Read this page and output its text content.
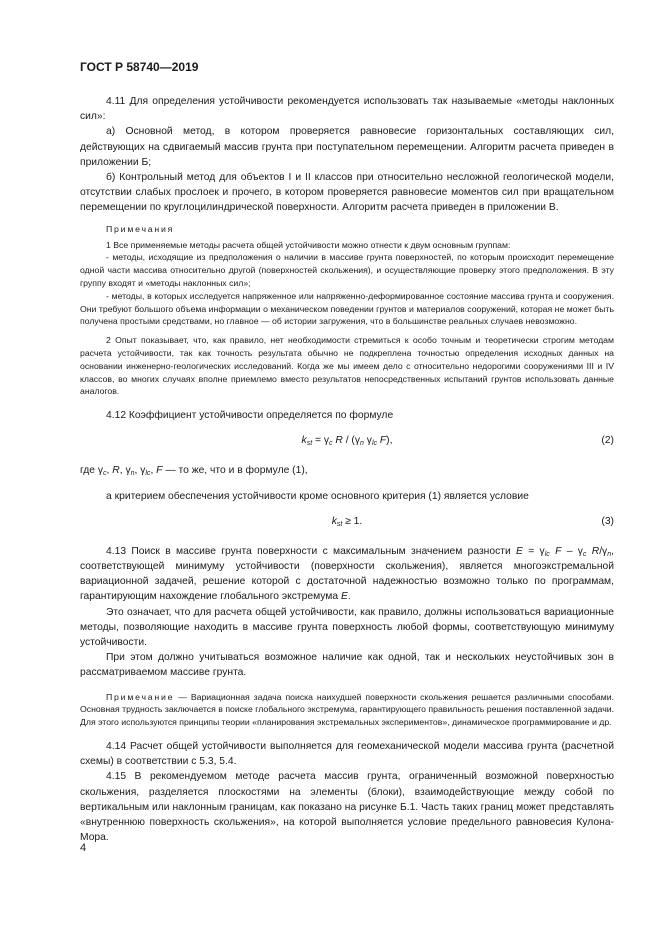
ГОСТ Р 58740—2019

4.11 Для определения устойчивости рекомендуется использовать так называемые «методы наклонных сил»:

а) Основной метод, в котором проверяется равновесие горизонтальных составляющих сил, действующих на сдвигаемый массив грунта при поступательном перемещении. Алгоритм расчета приведен в приложении Б;

б) Контрольный метод для объектов I и II классов при относительно несложной геологической модели, отсутствии слабых прослоек и прочего, в котором проверяется равновесие моментов сил при вращательном перемещении по круглоцилиндрической поверхности. Алгоритм расчета приведен в приложении В.

Примечания

1 Все применяемые методы расчета общей устойчивости можно отнести к двум основным группам:

- методы, исходящие из предположения о наличии в массиве грунта поверхностей, по которым происходит перемещение одной части массива относительно другой (поверхностей скольжения), и осуществляющие проверку этого предположения. В эту группу входят и «методы наклонных сил»;

- методы, в которых исследуется напряженное или напряженно-деформированное состояние массива грунта и сооружения. Они требуют большого объема информации о механическом поведении грунтов и материалов сооружений, которая не может быть получена простыми средствами, но главное — об истории загружения, что в большинстве реальных случаев невозможно.

2 Опыт показывает, что, как правило, нет необходимости стремиться к особо точным и теоретически строгим методам расчета устойчивости, так как точность результата обычно не подкреплена точностью определения исходных данных на основании инженерно-геологических исследований. Когда же мы имеем дело с относительно недорогими сооружениями III и IV классов, во многих случаях вполне приемлемо вместо результатов непосредственных испытаний грунтов использовать данные аналогов.

4.12 Коэффициент устойчивости определяется по формуле

$k_{st} = \gamma_c$ R / ($\gamma_n$ $\gamma_{lc}$ F),	(2)

где $\gamma_c$, R, $\gamma_n$, $\gamma_{lc}$, F — то же, что и в формуле (1),

а критерием обеспечения устойчивости кроме основного критерия (1) является условие

$k_{st} \ge 1$.	(3)

4.13 Поиск в массиве грунта поверхности с максимальным значением разности $E = \gamma_{lc}$ F – $\gamma_c$ $R/\gamma_n$, соответствующей минимуму устойчивости (поверхности скольжения), является многоэкстремальной вариационной задачей, решение которой с достаточной надежностью возможно только по программам, гарантирующим нахождение глобального экстремума E.

Это означает, что для расчета общей устойчивости, как правило, должны использоваться вариационные методы, позволяющие находить в массиве грунта поверхность любой формы, соответствующую минимуму устойчивости.

При этом должно учитываться возможное наличие как одной, так и нескольких неустойчивых зон в рассматриваемом массиве грунта.

Примечание — Вариационная задача поиска наихудшей поверхности скольжения решается различными способами. Основная трудность заключается в поиске глобального экстремума, гарантирующего правильность решения поставленной задачи. Для этого используются принципы теории «планирования экстремальных экспериментов», динамическое программирование и др.

4.14 Расчет общей устойчивости выполняется для геомеханической модели массива грунта (расчетной схемы) в соответствии с 5.3, 5.4.

4.15 В рекомендуемом методе расчета массив грунта, ограниченный возможной поверхностью скольжения, разделяется плоскостями на элементы (блоки), взаимодействующие между собой по вертикальным или наклонным границам, как показано на рисунке Б.1. Часть таких границ может представлять «внутреннюю поверхность скольжения», на которой выполняется условие предельного равновесия Кулона-Мора.

4
